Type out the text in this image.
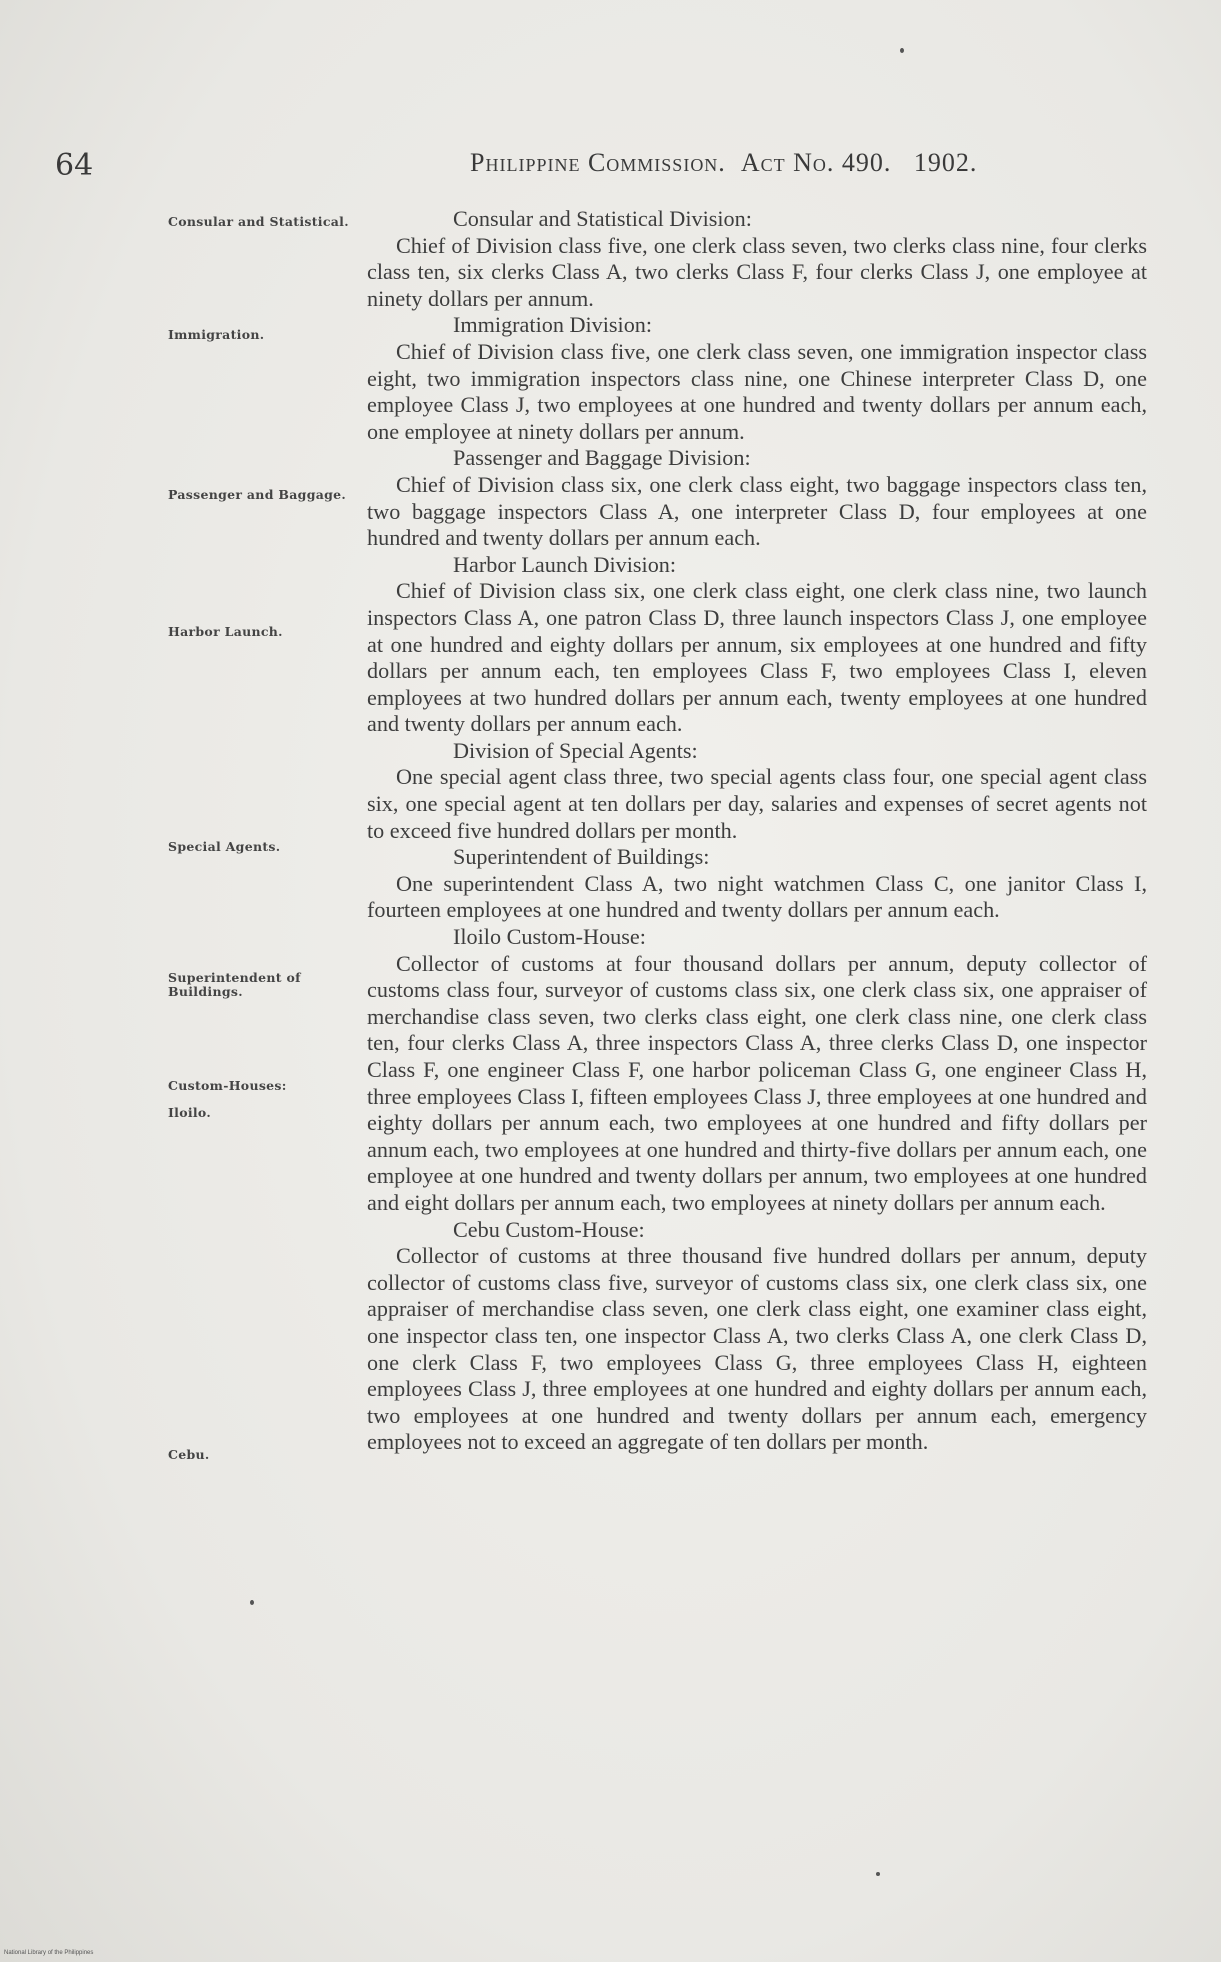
64	Philippine Commission. Act No. 490. 1902.
Consular and Statistical.
Immigration.
Passenger and Baggage.
Harbor Launch.
Special Agents.
Superintendent of Buildings.
Custom-Houses:
Iloilo.
Cebu.

Consular and Statistical Division:

Chief of Division class five, one clerk class seven, two clerks class nine, four clerks class ten, six clerks Class A, two clerks Class F, four clerks Class J, one employee at ninety dollars per annum.

Immigration Division:

Chief of Division class five, one clerk class seven, one immigration inspector class eight, two immigration inspectors class nine, one Chinese interpreter Class D, one employee Class J, two employees at one hundred and twenty dollars per annum each, one employee at ninety dollars per annum.

Passenger and Baggage Division:

Chief of Division class six, one clerk class eight, two baggage inspectors class ten, two baggage inspectors Class A, one interpreter Class D, four employees at one hundred and twenty dollars per annum each.

Harbor Launch Division:

Chief of Division class six, one clerk class eight, one clerk class nine, two launch inspectors Class A, one patron Class D, three launch inspectors Class J, one employee at one hundred and eighty dollars per annum, six employees at one hundred and fifty dollars per annum each, ten employees Class F, two employees Class I, eleven employees at two hundred dollars per annum each, twenty employees at one hundred and twenty dollars per annum each.

Division of Special Agents:

One special agent class three, two special agents class four, one special agent class six, one special agent at ten dollars per day, salaries and expenses of secret agents not to exceed five hundred dollars per month.

Superintendent of Buildings:

One superintendent Class A, two night watchmen Class C, one janitor Class I, fourteen employees at one hundred and twenty dollars per annum each.

Iloilo Custom-House:

Collector of customs at four thousand dollars per annum, deputy collector of customs class four, surveyor of customs class six, one clerk class six, one appraiser of merchandise class seven, two clerks class eight, one clerk class nine, one clerk class ten, four clerks Class A, three inspectors Class A, three clerks Class D, one inspector Class F, one engineer Class F, one harbor policeman Class G, one engineer Class H, three employees Class I, fifteen employees Class J, three employees at one hundred and eighty dollars per annum each, two employees at one hundred and fifty dollars per annum each, two employees at one hundred and thirty-five dollars per annum each, one employee at one hundred and twenty dollars per annum, two employees at one hundred and eight dollars per annum each, two employees at ninety dollars per annum each.

Cebu Custom-House:

Collector of customs at three thousand five hundred dollars per annum, deputy collector of customs class five, surveyor of customs class six, one clerk class six, one appraiser of merchandise class seven, one clerk class eight, one examiner class eight, one inspector class ten, one inspector Class A, two clerks Class A, one clerk Class D, one clerk Class F, two employees Class G, three employees Class H, eighteen employees Class J, three employees at one hundred and eighty dollars per annum each, two employees at one hundred and twenty dollars per annum each, emergency employees not to exceed an aggregate of ten dollars per month.

National Library of the Philippines
